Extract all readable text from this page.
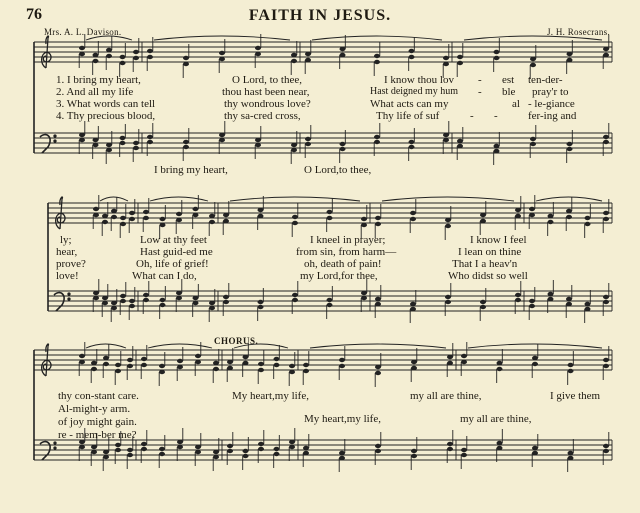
76	FAITH IN JESUS.
Mrs. A. L. Davison.	J. H. Rosecrans.
1. I bring my heart,	O Lord, to thee,	I know thou lov - est ten-der-
2. And all my life	thou hast been near,	Hast deigned my hum - ble pray'r to
3. What words can tell	thy wondrous love?	What acts can my	al - le-giance
4. Thy precious blood,	thy sa-cred cross,	Thy life of suf	- -	fer-ing and
I bring my heart,	O Lord,to thee,
ly;	Low at thy feet	I kneel in prayer;	I know I feel
hear,	Hast guid-ed me	from sin, from harm—	I lean on thine
prove?	Oh, life of grief!	oh, death of pain!	That I a heav'n
love!	What can I do,	my Lord,for thee,	Who didst so well
CHORUS.
thy con-stant care.	My heart,my life,	my all are thine,	I give them
Al-might-y arm.
of joy might gain.
re - mem-ber me?
My heart,my life,	my all are thine,
